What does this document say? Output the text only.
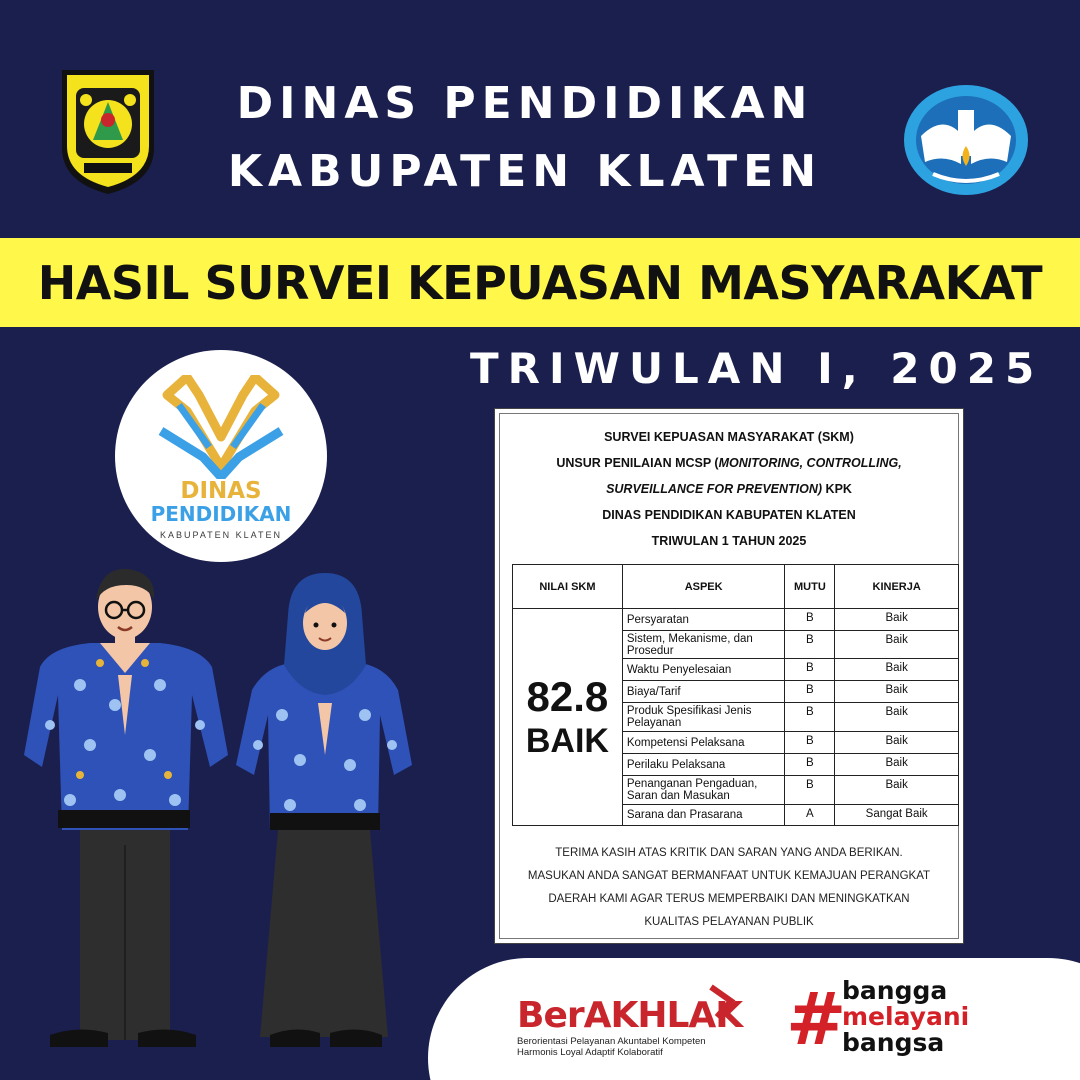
DINAS PENDIDIKAN
KABUPATEN KLATEN
HASIL SURVEI KEPUASAN MASYARAKAT
TRIWULAN I, 2025
DINAS
PENDIDIKAN
KABUPATEN KLATEN
SURVEI KEPUASAN MASYARAKAT (SKM)
UNSUR PENILAIAN MCSP (MONITORING, CONTROLLING,
SURVEILLANCE FOR PREVENTION) KPK
DINAS PENDIDIKAN KABUPATEN KLATEN
TRIWULAN 1 TAHUN 2025
NILAI SKM	ASPEK	MUTU	KINERJA

82.8
BAIK	Persyaratan	B	Baik
	Sistem, Mekanisme, dan Prosedur	B	Baik
	Waktu Penyelesaian	B	Baik
	Biaya/Tarif	B	Baik
	Produk Spesifikasi Jenis Pelayanan	B	Baik
	Kompetensi Pelaksana	B	Baik
	Perilaku Pelaksana	B	Baik
	Penanganan Pengaduan, Saran dan Masukan	B	Baik
	Sarana dan Prasarana	A	Sangat Baik
TERIMA KASIH ATAS KRITIK DAN SARAN YANG ANDA BERIKAN.
MASUKAN ANDA SANGAT BERMANFAAT UNTUK KEMAJUAN PERANGKAT
DAERAH KAMI AGAR TERUS MEMPERBAIKI DAN MENINGKATKAN
KUALITAS PELAYANAN PUBLIK
BerAKHLAK
Berorientasi Pelayanan Akuntabel Kompeten
Harmonis Loyal Adaptif Kolaboratif	#
bangga
melayani
bangsa
